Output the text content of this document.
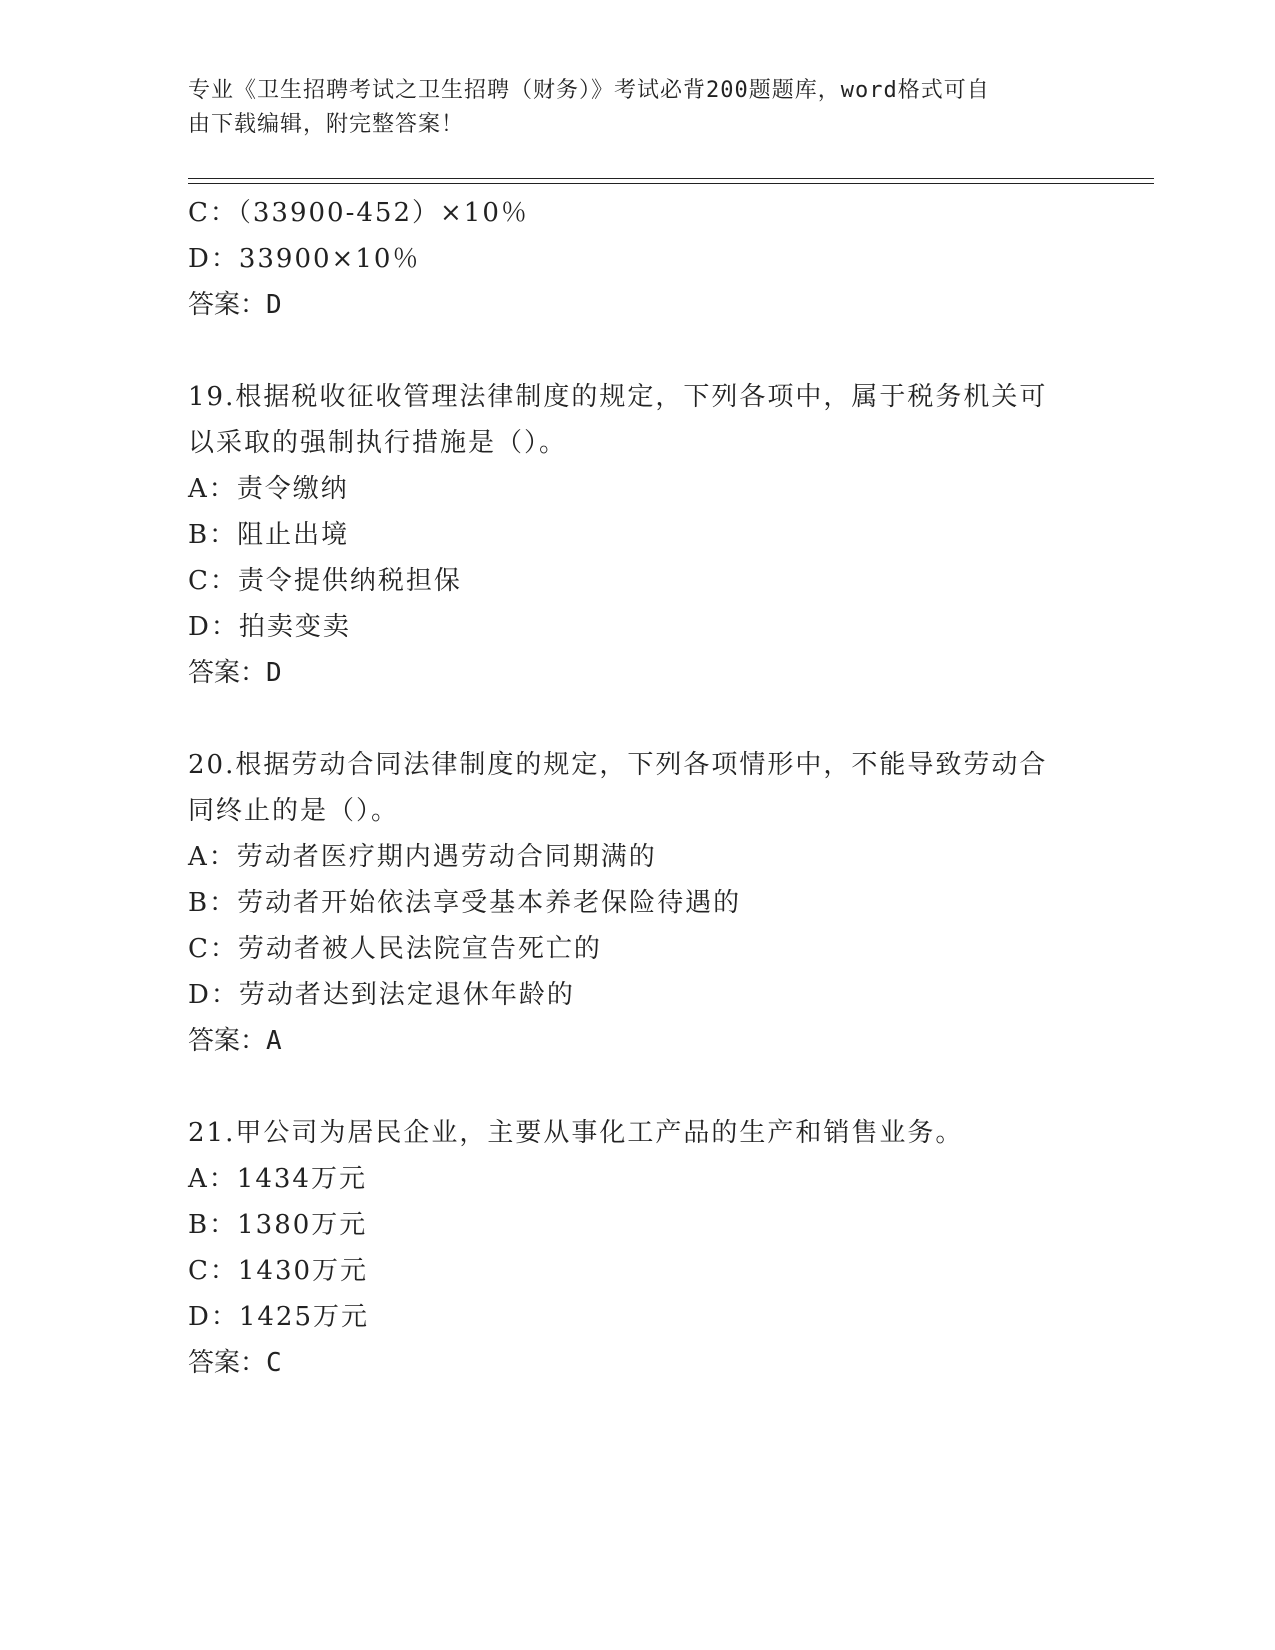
专业《卫生招聘考试之卫生招聘（财务）》考试必背200题题库，word格式可自
由下载编辑，附完整答案！
C：（33900-452）×10％
D：33900×10％
答案：D
19.根据税收征收管理法律制度的规定，下列各项中，属于税务机关可
以采取的强制执行措施是（）。
A：责令缴纳
B：阻止出境
C：责令提供纳税担保
D：拍卖变卖
答案：D
20.根据劳动合同法律制度的规定，下列各项情形中，不能导致劳动合
同终止的是（）。
A：劳动者医疗期内遇劳动合同期满的
B：劳动者开始依法享受基本养老保险待遇的
C：劳动者被人民法院宣告死亡的
D：劳动者达到法定退休年龄的
答案：A
21.甲公司为居民企业，主要从事化工产品的生产和销售业务。
A：1434万元
B：1380万元
C：1430万元
D：1425万元
答案：C
